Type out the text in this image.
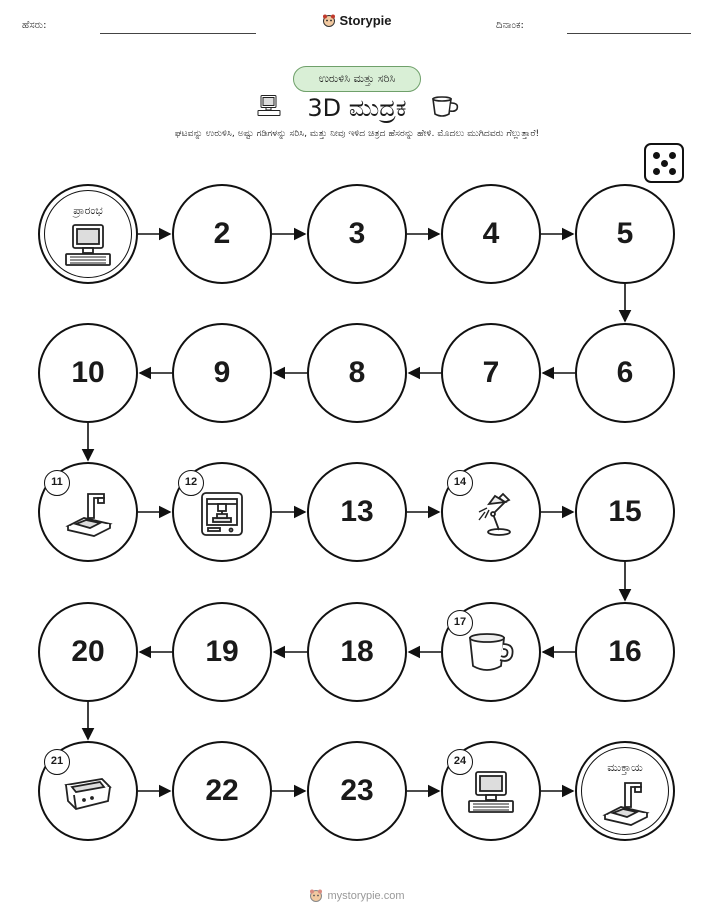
ಹೆಸರು:	Storypie	ದಿನಾಂಕ:
ಉರುಳಿಸಿ ಮತ್ತು ಸರಿಸಿ
3D ಮುದ್ರಕ
ಘಟವನ್ನು ಉರುಳಿಸಿ, ಅಷ್ಟು ಗಡಿಗಳನ್ನು ಸರಿಸಿ, ಮತ್ತು ನೀವು ಇಳಿದ ಚಿತ್ರದ ಹೆಸರನ್ನು ಹೇಳಿ. ಮೊದಲು ಮುಗಿದವರು ಗೆಲ್ಲುತ್ತಾರೆ!
ಪ್ರಾರಂಭ
2	3	4	5
6
7
8
9
10
11	12
13
14
15
16
17
18
19
20
21
22	23
24	ಮುಕ್ತಾಯ
mystorypie.com
